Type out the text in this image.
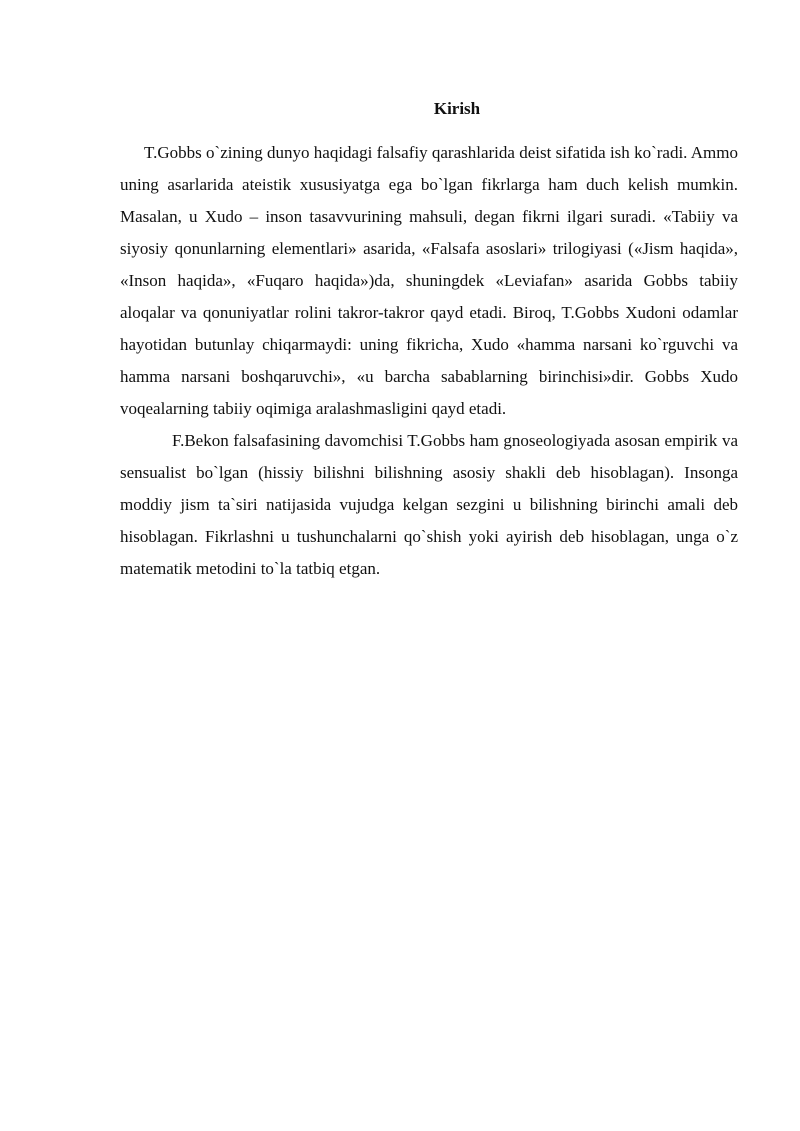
Kirish

T.Gobbs o`zining dunyo haqidagi falsafiy qarashlarida deist sifatida ish ko`radi. Ammo uning asarlarida ateistik xususiyatga ega bo`lgan fikrlarga ham duch kelish mumkin. Masalan, u Xudo – inson tasavvurining mahsuli, degan fikrni ilgari suradi. «Tabiiy va siyosiy qonunlarning elementlari» asarida, «Falsafa asoslari» trilogiyasi («Jism haqida», «Inson haqida», «Fuqaro haqida»)da, shuningdek «Leviafan» asarida Gobbs tabiiy aloqalar va qonuniyatlar rolini takror-takror qayd etadi. Biroq, T.Gobbs Xudoni odamlar hayotidan butunlay chiqarmaydi: uning fikricha, Xudo «hamma narsani ko`rguvchi va hamma narsani boshqaruvchi», «u barcha sabablarning birinchisi»dir. Gobbs Xudo voqealarning tabiiy oqimiga aralashmasligini qayd etadi.

F.Bekon falsafasining davomchisi T.Gobbs ham gnoseologiyada asosan empirik va sensualist bo`lgan (hissiy bilishni bilishning asosiy shakli deb hisoblagan). Insonga moddiy jism ta`siri natijasida vujudga kelgan sezgini u bilishning birinchi amali deb hisoblagan. Fikrlashni u tushunchalarni qo`shish yoki ayirish deb hisoblagan, unga o`z matematik metodini to`la tatbiq etgan.
